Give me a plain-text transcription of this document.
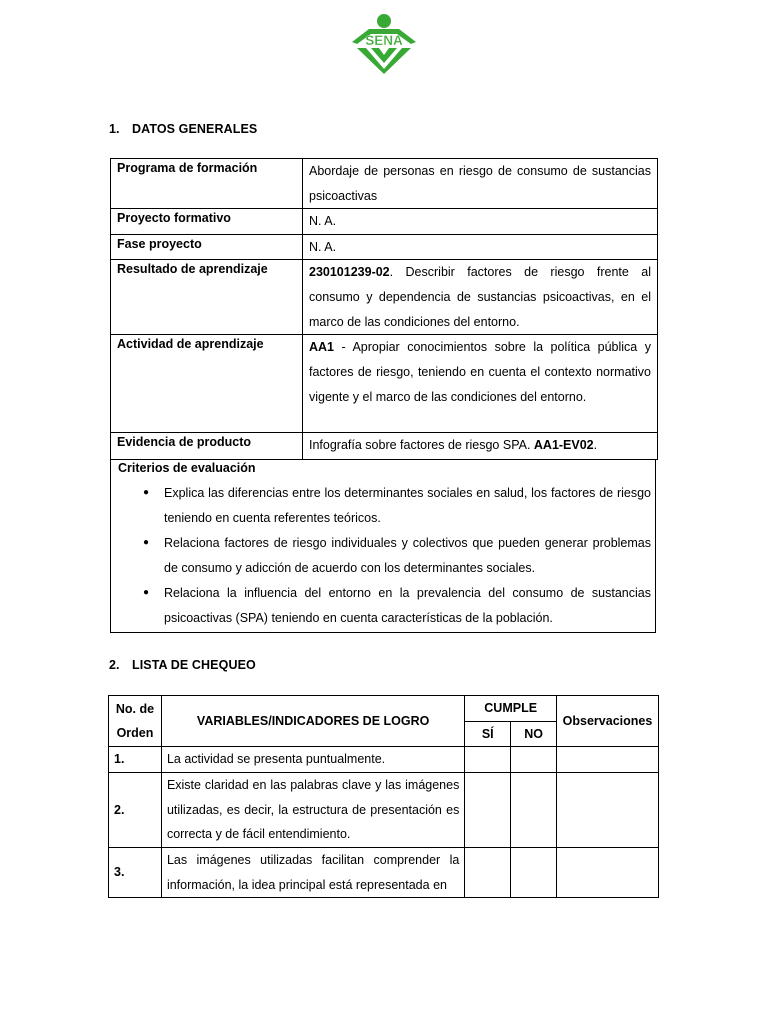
SENA
1. DATOS GENERALES
Programa de formación	Abordaje de personas en riesgo de consumo de sustancias psicoactivas
Proyecto formativo	N. A.
Fase proyecto	N. A.
Resultado de aprendizaje	230101239-02. Describir factores de riesgo frente al consumo y dependencia de sustancias psicoactivas, en el marco de las condiciones del entorno.
Actividad de aprendizaje	AA1 - Apropiar conocimientos sobre la política pública y factores de riesgo, teniendo en cuenta el contexto normativo vigente y el marco de las condiciones del entorno.
Evidencia de producto	Infografía sobre factores de riesgo SPA. AA1-EV02.
Criterios de evaluación
● Explica las diferencias entre los determinantes sociales en salud, los factores de riesgo teniendo en cuenta referentes teóricos.
● Relaciona factores de riesgo individuales y colectivos que pueden generar problemas de consumo y adicción de acuerdo con los determinantes sociales.
● Relaciona la influencia del entorno en la prevalencia del consumo de sustancias psicoactivas (SPA) teniendo en cuenta características de la población.
2. LISTA DE CHEQUEO
No. de Orden	VARIABLES/INDICADORES DE LOGRO	CUMPLE		Observaciones
		SÍ	NO	
1.	La actividad se presenta puntualmente.			
2.	Existe claridad en las palabras clave y las imágenes utilizadas, es decir, la estructura de presentación es correcta y de fácil entendimiento.			
3.	Las imágenes utilizadas facilitan comprender la información, la idea principal está representada en			
